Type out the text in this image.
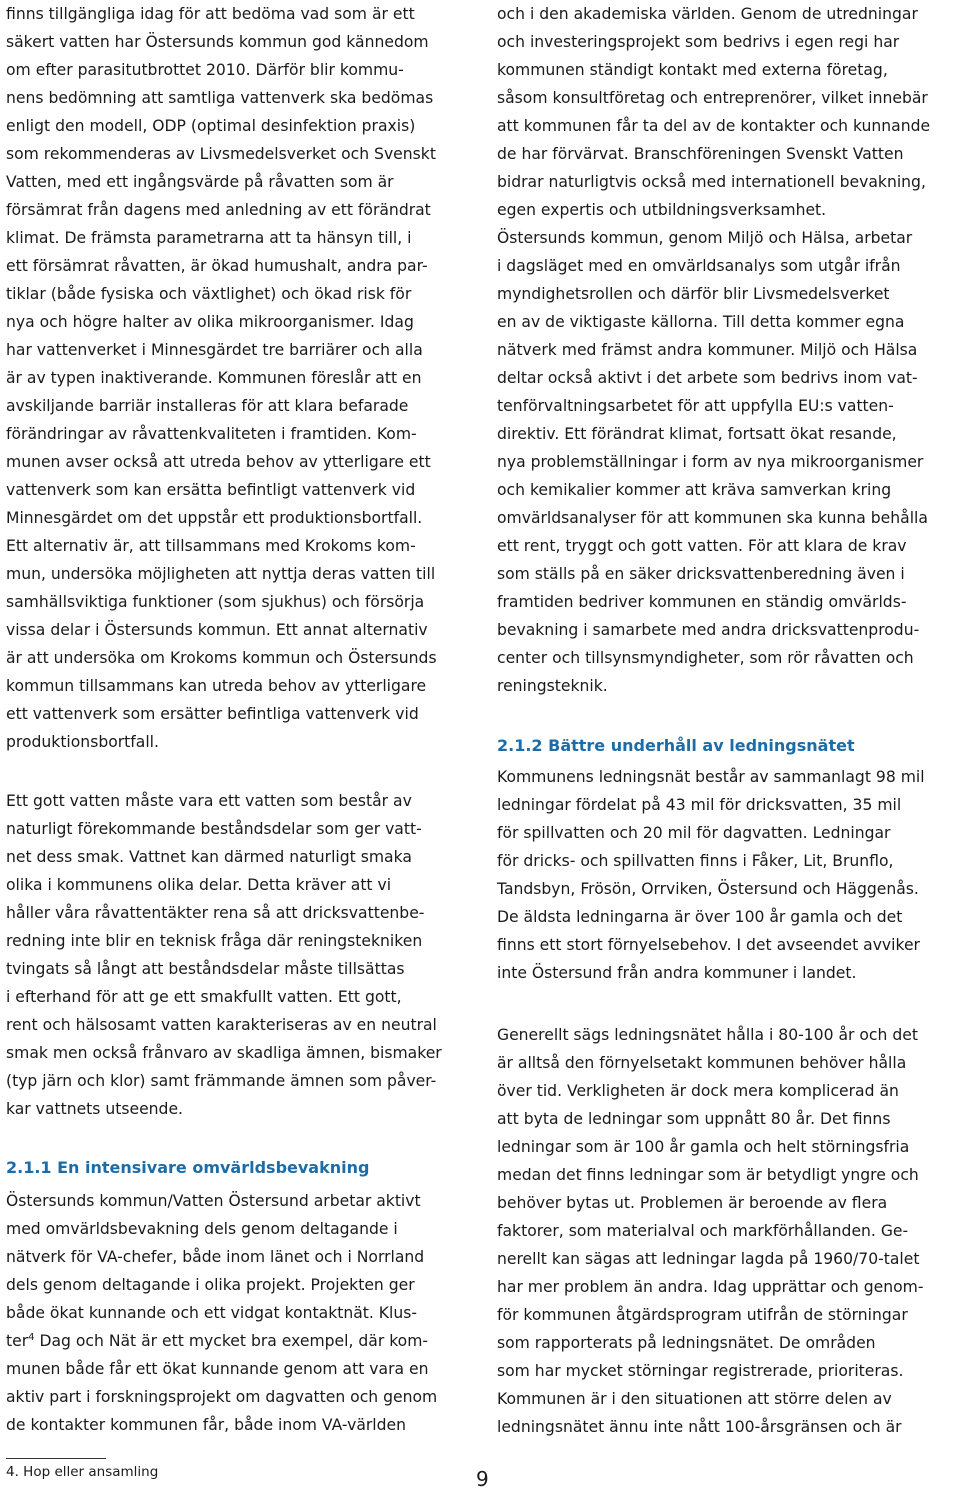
finns tillgängliga idag för att bedöma vad som är ett
säkert vatten har Östersunds kommun god kännedom
om efter parasitutbrottet 2010. Därför blir kommu-
nens bedömning att samtliga vattenverk ska bedömas
enligt den modell, ODP (optimal desinfektion praxis)
som rekommenderas av Livsmedelsverket och Svenskt
Vatten, med ett ingångsvärde på råvatten som är
försämrat från dagens med anledning av ett förändrat
klimat. De främsta parametrarna att ta hänsyn till, i
ett försämrat råvatten, är ökad humushalt, andra par-
tiklar (både fysiska och växtlighet) och ökad risk för
nya och högre halter av olika mikroorganismer. Idag
har vattenverket i Minnesgärdet tre barriärer och alla
är av typen inaktiverande. Kommunen föreslår att en
avskiljande barriär installeras för att klara befarade
förändringar av råvattenkvaliteten i framtiden. Kom-
munen avser också att utreda behov av ytterligare ett
vattenverk som kan ersätta befintligt vattenverk vid
Minnesgärdet om det uppstår ett produktionsbortfall.
Ett alternativ är, att tillsammans med Krokoms kom-
mun, undersöka möjligheten att nyttja deras vatten till
samhällsviktiga funktioner (som sjukhus) och försörja
vissa delar i Östersunds kommun. Ett annat alternativ
är att undersöka om Krokoms kommun och Östersunds
kommun tillsammans kan utreda behov av ytterligare
ett vattenverk som ersätter befintliga vattenverk vid
produktionsbortfall.
Ett gott vatten måste vara ett vatten som består av
naturligt förekommande beståndsdelar som ger vatt-
net dess smak. Vattnet kan därmed naturligt smaka
olika i kommunens olika delar. Detta kräver att vi
håller våra råvattentäkter rena så att dricksvattenbe-
redning inte blir en teknisk fråga där reningstekniken
tvingats så långt att beståndsdelar måste tillsättas
i efterhand för att ge ett smakfullt vatten. Ett gott,
rent och hälsosamt vatten karakteriseras av en neutral
smak men också frånvaro av skadliga ämnen, bismaker
(typ järn och klor) samt främmande ämnen som påver-
kar vattnets utseende.
2.1.1 En intensivare omvärldsbevakning
Östersunds kommun/Vatten Östersund arbetar aktivt
med omvärldsbevakning dels genom deltagande i
nätverk för VA-chefer, både inom länet och i Norrland
dels genom deltagande i olika projekt. Projekten ger
både ökat kunnande och ett vidgat kontaktnät. Klus-
ter$^4$ Dag och Nät är ett mycket bra exempel, där kom-
munen både får ett ökat kunnande genom att vara en
aktiv part i forskningsprojekt om dagvatten och genom
de kontakter kommunen får, både inom VA-världen
och i den akademiska världen. Genom de utredningar
och investeringsprojekt som bedrivs i egen regi har
kommunen ständigt kontakt med externa företag,
såsom konsultföretag och entreprenörer, vilket innebär
att kommunen får ta del av de kontakter och kunnande
de har förvärvat. Branschföreningen Svenskt Vatten
bidrar naturligtvis också med internationell bevakning,
egen expertis och utbildningsverksamhet.
Östersunds kommun, genom Miljö och Hälsa, arbetar
i dagsläget med en omvärldsanalys som utgår ifrån
myndighetsrollen och därför blir Livsmedelsverket
en av de viktigaste källorna. Till detta kommer egna
nätverk med främst andra kommuner. Miljö och Hälsa
deltar också aktivt i det arbete som bedrivs inom vat-
tenförvaltningsarbetet för att uppfylla EU:s vatten-
direktiv. Ett förändrat klimat, fortsatt ökat resande,
nya problemställningar i form av nya mikroorganismer
och kemikalier kommer att kräva samverkan kring
omvärldsanalyser för att kommunen ska kunna behålla
ett rent, tryggt och gott vatten. För att klara de krav
som ställs på en säker dricksvattenberedning även i
framtiden bedriver kommunen en ständig omvärlds-
bevakning i samarbete med andra dricksvattenprodu-
center och tillsynsmyndigheter, som rör råvatten och
reningsteknik.
2.1.2 Bättre underhåll av ledningsnätet
Kommunens ledningsnät består av sammanlagt 98 mil
ledningar fördelat på 43 mil för dricksvatten, 35 mil
för spillvatten och 20 mil för dagvatten. Ledningar
för dricks- och spillvatten finns i Fåker, Lit, Brunflo,
Tandsbyn, Frösön, Orrviken, Östersund och Häggenås.
De äldsta ledningarna är över 100 år gamla och det
finns ett stort förnyelsebehov. I det avseendet avviker
inte Östersund från andra kommuner i landet.
Generellt sägs ledningsnätet hålla i 80-100 år och det
är alltså den förnyelsetakt kommunen behöver hålla
över tid. Verkligheten är dock mera komplicerad än
att byta de ledningar som uppnått 80 år. Det finns
ledningar som är 100 år gamla och helt störningsfria
medan det finns ledningar som är betydligt yngre och
behöver bytas ut. Problemen är beroende av flera
faktorer, som materialval och markförhållanden. Ge-
nerellt kan sägas att ledningar lagda på 1960/70-talet
har mer problem än andra. Idag upprättar och genom-
för kommunen åtgärdsprogram utifrån de störningar
som rapporterats på ledningsnätet. De områden
som har mycket störningar registrerade, prioriteras.
Kommunen är i den situationen att större delen av
ledningsnätet ännu inte nått 100-årsgränsen och är
4. Hop eller ansamling	9
